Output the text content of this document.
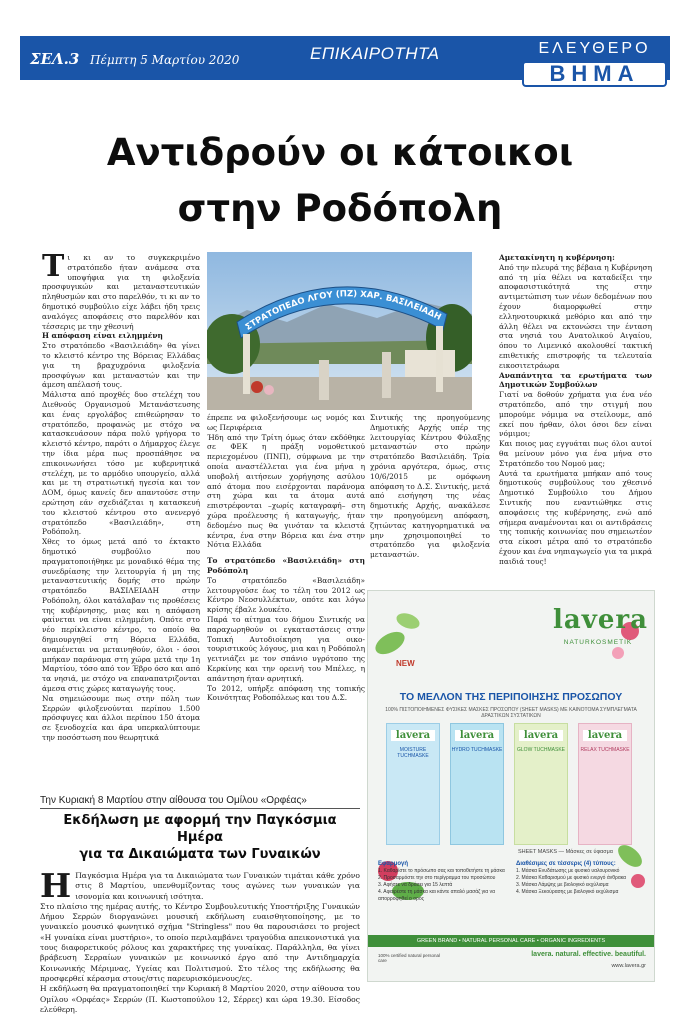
ΣΕΛ.3 Πέμπτη 5 Μαρτίου 2020	ΕΠΙΚΑΙΡΟΤΗΤΑ	ΕΛΕΥΘΕΡΟ
ΒΗΜΑ
Αντιδρούν οι κάτοικοι
στην Ροδόπολη

Τι κι αν το συγκεκριμένο στρατόπεδο ήταν ανάμεσα στα υποψήφια για τη φιλοξενία προσφυγικών και μεταναστευτικών πληθυσμών και στο παρελθόν, τι κι αν το δημοτικό συμβούλιο είχε λάβει ήδη τρεις αναλόγες αποφάσεις στο παρελθόν και τέσσερις με την χθεσινή

Η απόφαση είναι ειλημμένη

Στο στρατόπεδο «Βασιλειάδη» θα γίνει το κλειστό κέντρο της Βόρειας Ελλάδας για τη βραχυχρόνια φιλοξενία προσφύγων και μεταναστών και την άμεση απέλασή τους.

Μάλιστα από προχθές δυο στελέχη του Διεθνούς Οργανισμού Μετανάστευσης και ένας εργολάβος επιθεώρησαν το στρατόπεδο, προφανώς με στόχο να κατασκευάσουν πάρα πολύ γρήγορα το κλειστό κέντρο, παρότι ο Δήμαρχος έλεγε την ίδια μέρα πως προσπάθησε να επικοινωνήσει τόσο με κυβερνητικά στελέχη, με το αρμόδιο υπουργείο, αλλά και με τη στρατιωτική ηγεσία και τον ΔΟΜ, όμως κανείς δεν απαντούσε στην ερώτηση εάν σχεδιάζεται η κατασκευή του κλειστού κέντρου στο ανενεργό στρατόπεδο «Βασιλειάδη», στη Ροδόπολη.

Χθες το όμως μετά από το έκτακτο δημοτικό συμβούλιο που πραγματοποιήθηκε με μοναδικό θέμα της συνεδρίασης την λειτουργία ή μη της μεταναστευτικής δομής στο πρώην στρατόπεδο ΒΑΣΙΛΕΙΑΔΗ στην Ροδόπολη, όλοι κατάλαβαν τις προθέσεις της κυβέρνησης, μιας και η απόφαση φαίνεται να είναι ειλημμένη. Οπότε στο νέο περίκλειστο κέντρο, το οποίο θα δημιουργηθεί στη Βόρεια Ελλάδα, αναμένεται να μεταινηθούν, όλοι - όσοι μπήκαν παράνομα στη χώρα μετά την 1η Μαρτίου, τόσο από τον Έβρο όσο και από τα νησιά, με στόχο να επαναπατριζονται άμεσα στις χώρες καταγωγής τους.

Να σημειώσουμε πως στην πόλη των Σερρών φιλοξενούνται περίπου 1.500 πρόσφυγες και άλλοι περίπου 150 άτομα σε ξενοδοχεία και άρα υπερκαλύπτουμε την ποσόστωση που θεωρητικά

ΣΤΡΑΤΟΠΕΔΟ ΛΓΟΥ (ΠΖ) ΧΑΡ. ΒΑΣΙΛΕΙΑΔΗ

έπρεπε να φιλοξενήσουμε ως νομός και ως Περιφέρεια

Ήδη από την Τρίτη όμως όταν εκδόθηκε σε ΦΕΚ η πράξη νομοθετικού περιεχομένου (ΠΝΠ), σύμφωνα με την οποία αναστέλλεται για ένα μήνα η υποβολή αιτήσεων χορήγησης ασύλου από άτομα που εισέρχονται παράνομα στη χώρα και τα άτομα αυτά επιστρέφονται –χωρίς καταγραφή– στη χώρα προέλευσης ή καταγωγής, ήταν δεδομένο πως θα γινόταν τα κλειστά κέντρα, ένα στην Βόρεια και ένα στην Νότια Ελλάδα

Το στρατόπεδο «Βασιλειάδη» στη Ροδόπολη

Το στρατόπεδο «Βασιλειάδη» λειτουργούσε έως το τέλη του 2012 ως Κέντρο Νεοσυλλέκτων, οπότε και λόγω κρίσης έβαλε λουκέτο.

Παρά το αίτημα του δήμου Σιντικής να παραχωρηθούν οι εγκαταστάσεις στην Τοπική Αυτοδιοίκηση για οικο-τουριστικούς λόγους, μια και η Ροδόπολη γειτνιάζει με τον σπάνιο υγρότοπο της Κερκίνης και την ορεινή του Μπέλες, η απάντηση ήταν αρνητική.

Το 2012, υπήρξε απόφαση της τοπικής Κοινότητας Ροδοπόλεως και του Δ.Σ.

Σιντικής της προηγούμενης Δημοτικής Αρχής υπέρ της λειτουργίας Κέντρου Φύλαξης μεταναστών στο πρώην στρατόπεδο Βασιλειάδη. Τρία χρόνια αργότερα, όμως, στις 10/6/2015 με ομόφωνη απόφαση το Δ.Σ. Σιντικής, μετά από εισήγηση της νέας δημοτικής Αρχής, ανακάλεσε την προηγούμενη απόφαση, ζητώντας κατηγορηματικά να μην χρησιμοποιηθεί το στρατόπεδο για φιλοξενία μεταναστών.

Αμετακίνητη η κυβέρνηση:

Από την πλευρά της βέβαια η Κυβέρνηση από τη μία θέλει να καταδείξει την αποφασιστικότητά της στην αντιμετώπιση των νέων δεδομένων που έχουν διαμορφωθεί στην ελληνοτουρκικά μεθόριο και από την άλλη θέλει να εκτονώσει την ένταση στα νησιά του Ανατολικού Αιγαίου, όπου το Λιμενικό ακολουθεί τακτική επιθετικής επιστροφής τα τελευταία εικοσιτετράωρα

Αναπάντητα τα ερωτήματα των Δημοτικών Συμβούλων

Γιατί να δοθούν χρήματα για ένα νέο στρατόπεδο, από την στιγμή που μπορούμε νόμιμα να στείλουμε, από εκεί που ήρθαν, όλοι όσοι δεν είναι νόμιμοι;

Και ποιος μας εγγυάται πως όλοι αυτοί θα μείνουν μόνο για ένα μήνα στο Στρατόπεδο του Νομού μας;

Αυτά τα ερωτήματα μπήκαν από τους δημοτικούς συμβούλους του χθεσινό Δημοτικό Συμβούλιο του Δήμου Σιντικής που εναντιώθηκε στις αποφάσεις της κυβέρνησης, ενώ από σήμερα αναμένονται και οι αντιδράσεις της τοπικής κοινωνίας που σημειωτέον στα είκοσι μέτρα από το στρατόπεδο έχουν και ένα νηπιαγωγείο για τα μικρά παιδιά τους!

Την Κυριακή 8 Μαρτίου στην αίθουσα του Ομίλου «Ορφέας»
Εκδήλωση με αφορμή την Παγκόσμια Ημέρα
για τα Δικαιώματα των Γυναικών

Η Παγκόσμια Ημέρα για τα Δικαιώματα των Γυναικών τιμάται κάθε χρόνο στις 8 Μαρτίου, υπενθυμίζοντας τους αγώνες των γυναικών για ισονομία και κοινωνική ισότητα.

Στο πλαίσιο της ημέρας αυτής, το Κέντρο Συμβουλευτικής Υποστήριξης Γυναικών Δήμου Σερρών διοργανώνει μουσική εκδήλωση ευαισθητοποίησης, με το γυναικείο μουσικό φωνητικό σχήμα "Stringless" που θα παρουσιάσει το project «Η γυναίκα είναι μυστήριο», το οποίο περιλαμβάνει τραγούδια απεικονιστικά για τους διαφορετικούς ρόλους και χαρακτήρες της γυναίκας. Παράλληλα, θα γίνει βράβευση Σερραίων γυναικών με κοινωνικό έργο από την Αντιδημαρχία Κοινωνικής Μέριμνας, Υγείας και Πολιτισμού. Στο τέλος της εκδήλωσης θα προσφερθεί κέρασμα στους/στις παρευρισκόμενους/ες.

Η εκδήλωση θα πραγματοποιηθεί την Κυριακή 8 Μαρτίου 2020, στην αίθουσα του Ομίλου «Ορφέας» Σερρών (Π. Κωστοπούλου 12, Σέρρες) και ώρα 19.30. Είσοδος ελεύθερη.

lavera
NATURKOSMETIK
NEW
ΤΟ ΜΕΛΛΟΝ ΤΗΣ ΠΕΡΙΠΟΙΗΣΗΣ ΠΡΟΣΩΠΟΥ
100% ΠΙΣΤΟΠΟΙΗΜΕΝΕΣ ΦΥΣΙΚΕΣ ΜΑΣΚΕΣ ΠΡΟΣΩΠΟΥ (SHEET MASKS) ΜΕ ΚΑΙΝΟΤΟΜΑ ΣΥΜΠΛΕΓΜΑΤΑ ΔΡΑΣΤΙΚΩΝ ΣΥΣΤΑΤΙΚΩΝ
lavera
MOISTURE TUCHMASKE
lavera
HYDRO TUCHMASKE
lavera
GLOW TUCHMASKE
lavera
RELAX TUCHMASKE
SHEET MASKS — Μάσκες σε ύφασμα
Εφαρμογή
1. Καθαρίστε το πρόσωπο σας και τοποθετήστε τη μάσκα
2. Προσαρμόστε την στο περίγραμμα του προσώπου
3. Αφήστε να δράσει για 15 λεπτά
4. Αφαιρέστε τη μάσκα και κάντε απαλό μασάζ για να απορροφηθεί ο ορός
Διαθέσιμες σε τέσσερις (4) τύπους:
1. Μάσκα Ενυδάτωσης με φυσικό υαλουρονικό
2. Μάσκα Καθαρισμού με φυσικό ενεργό άνθρακα
3. Μάσκα Λάμψης με βιολογικό εκχύλισμα
4. Μάσκα Ξεκούρασης με βιολογικό εκχύλισμα
GREEN BRAND • NATURAL PERSONAL CARE • ORGANIC INGREDIENTS
100% certified natural personal care
lavera. natural. effective. beautiful.
www.lavera.gr
